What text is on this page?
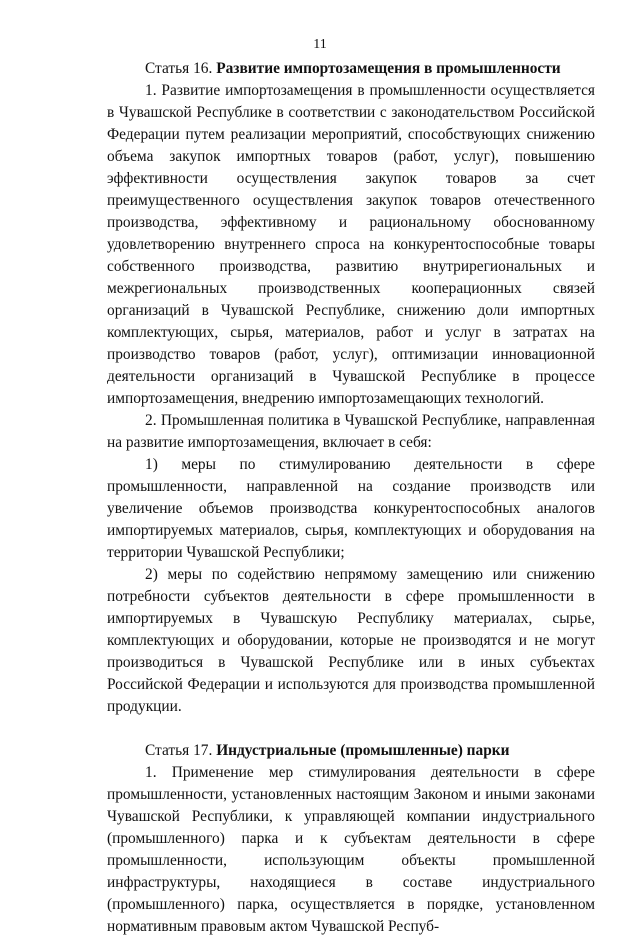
11

Статья 16. Развитие импортозамещения в промышленности

1. Развитие импортозамещения в промышленности осуществляется в Чувашской Республике в соответствии с законодательством Российской Федерации путем реализации мероприятий, способствующих снижению объема закупок импортных товаров (работ, услуг), повышению эффективности осуществления закупок товаров за счет преимущественного осуществления закупок товаров отечественного производства, эффективному и рациональному обоснованному удовлетворению внутреннего спроса на конкурентоспособные товары собственного производства, развитию внутрирегиональных и межрегиональных производственных кооперационных связей организаций в Чувашской Республике, снижению доли импортных комплектующих, сырья, материалов, работ и услуг в затратах на производство товаров (работ, услуг), оптимизации инновационной деятельности организаций в Чувашской Республике в процессе импортозамещения, внедрению импортозамещающих технологий.

2. Промышленная политика в Чувашской Республике, направленная на развитие импортозамещения, включает в себя:

1) меры по стимулированию деятельности в сфере промышленности, направленной на создание производств или увеличение объемов производства конкурентоспособных аналогов импортируемых материалов, сырья, комплектующих и оборудования на территории Чувашской Республики;

2) меры по содействию непрямому замещению или снижению потребности субъектов деятельности в сфере промышленности в импортируемых в Чувашскую Республику материалах, сырье, комплектующих и оборудовании, которые не производятся и не могут производиться в Чувашской Республике или в иных субъектах Российской Федерации и используются для производства промышленной продукции.

Статья 17. Индустриальные (промышленные) парки

1. Применение мер стимулирования деятельности в сфере промышленности, установленных настоящим Законом и иными законами Чувашской Республики, к управляющей компании индустриального (промышленного) парка и к субъектам деятельности в сфере промышленности, использующим объекты промышленной инфраструктуры, находящиеся в составе индустриального (промышленного) парка, осуществляется в порядке, установленном нормативным правовым актом Чувашской Респуб-
